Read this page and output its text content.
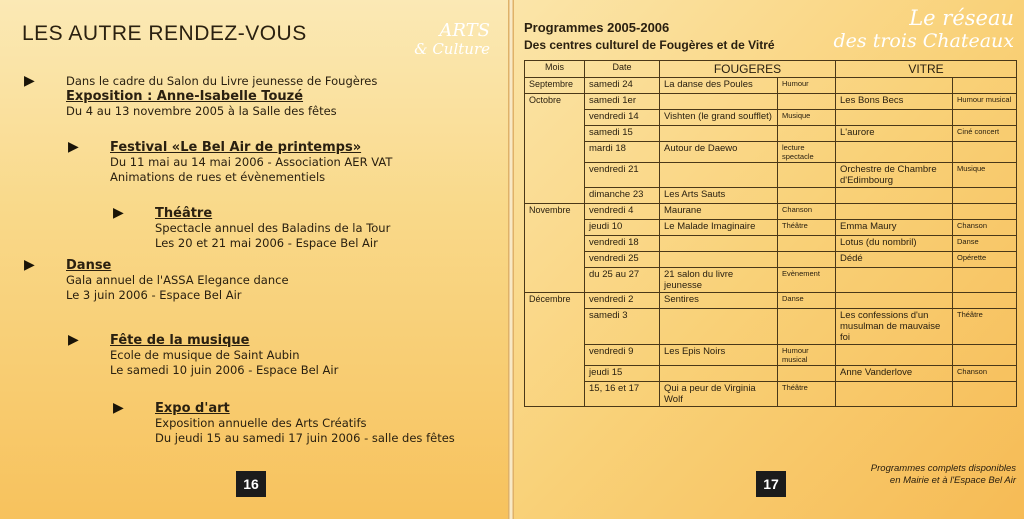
LES AUTRE RENDEZ-VOUS	ARTS
& Culture
▶	Dans le cadre du Salon du Livre jeunesse de Fougères
Exposition : Anne-Isabelle Touzé
Du 4 au 13 novembre 2005 à la Salle des fêtes
▶ Festival «Le Bel Air de printemps»
Du 11 mai au 14 mai 2006 - Association AER VAT
Animations de rues et évènementiels
▶ Théâtre
Spectacle annuel des Baladins de la Tour
Les 20 et 21 mai 2006 - Espace Bel Air
▶ Danse
Gala annuel de l'ASSA Elegance dance
Le 3 juin 2006 - Espace Bel Air
▶ Fête de la musique
Ecole de musique de Saint Aubin
Le samedi 10 juin 2006 - Espace Bel Air
▶ Expo d'art
Exposition annuelle des Arts Créatifs
Du jeudi 15 au samedi 17 juin 2006 - salle des fêtes
16
Programmes 2005-2006
Des centres culturel de Fougères et de Vitré
Le réseau
des trois Chateaux
Mois	Date	FOUGERES		VITRE	
Septembre	samedi 24	La danse des Poules	Humour		
Octobre	samedi 1er			Les Bons Becs	Humour musical
	vendredi 14	Vishten (le grand soufflet)	Musique		
	samedi 15			L'aurore	Ciné concert
	mardi 18	Autour de Daewo	lecture spectacle		
	vendredi 21			Orchestre de Chambre d'Edimbourg	Musique
	dimanche 23	Les Arts Sauts			
Novembre	vendredi 4	Maurane	Chanson		
	jeudi 10	Le Malade Imaginaire	Théâtre	Emma Maury	Chanson
	vendredi 18			Lotus (du nombril)	Danse
	vendredi 25			Dédé	Opérette
	du 25 au 27	21 salon du livre jeunesse	Evènement		
Décembre	vendredi 2	Sentires	Danse		
	samedi 3			Les confessions d'un musulman de mauvaise foi	Théâtre
	vendredi 9	Les Epis Noirs	Humour musical		
	jeudi 15			Anne Vanderlove	Chanson
	15, 16 et 17	Qui a peur de Virginia Wolf	Théâtre		
Programmes complets disponibles
en Mairie et à l'Espace Bel Air
17
